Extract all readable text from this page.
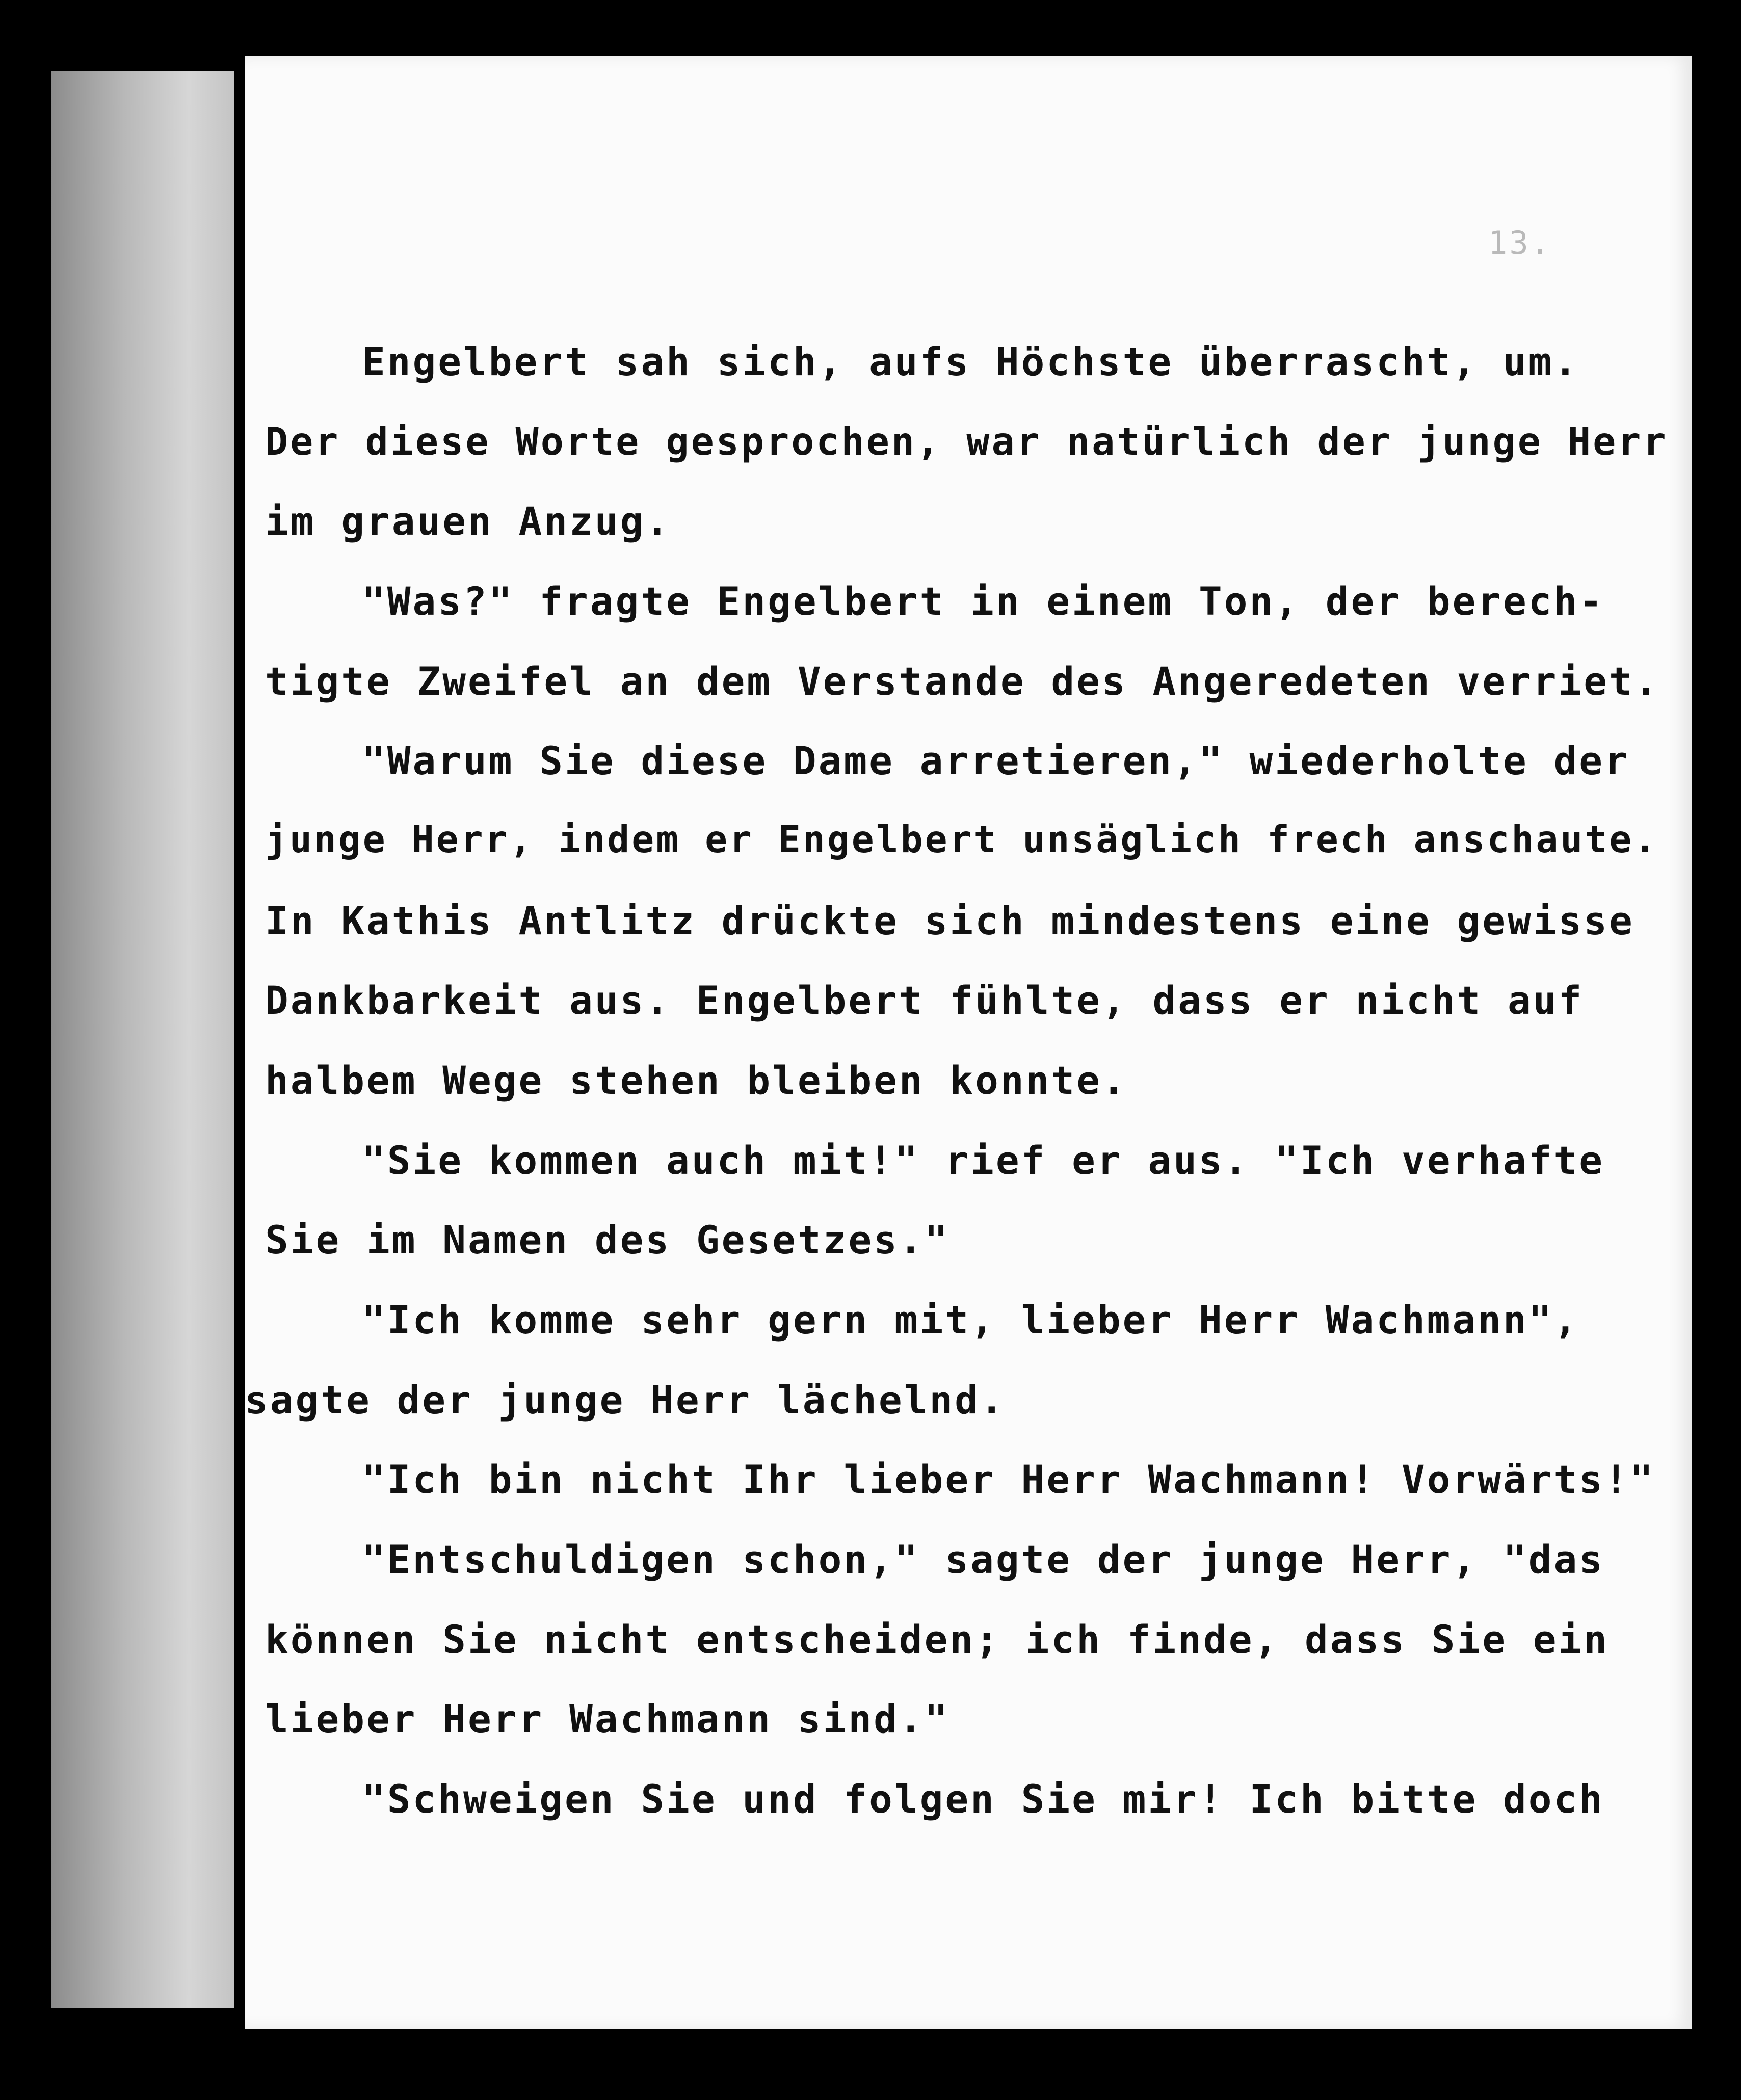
13.
Engelbert sah sich, aufs Höchste überrascht, um.
Der diese Worte gesprochen, war natürlich der junge Herr
im grauen Anzug.
"Was?" fragte Engelbert in einem Ton, der berech-
tigte Zweifel an dem Verstande des Angeredeten verriet.
"Warum Sie diese Dame arretieren," wiederholte der
junge Herr, indem er Engelbert unsäglich frech anschaute.
In Kathis Antlitz drückte sich mindestens eine gewisse
Dankbarkeit aus. Engelbert fühlte, dass er nicht auf
halbem Wege stehen bleiben konnte.
"Sie kommen auch mit!" rief er aus. "Ich verhafte
Sie im Namen des Gesetzes."
"Ich komme sehr gern mit, lieber Herr Wachmann",
sagte der junge Herr lächelnd.
"Ich bin nicht Ihr lieber Herr Wachmann! Vorwärts!"
"Entschuldigen schon," sagte der junge Herr, "das
können Sie nicht entscheiden; ich finde, dass Sie ein
lieber Herr Wachmann sind."
"Schweigen Sie und folgen Sie mir! Ich bitte doch
